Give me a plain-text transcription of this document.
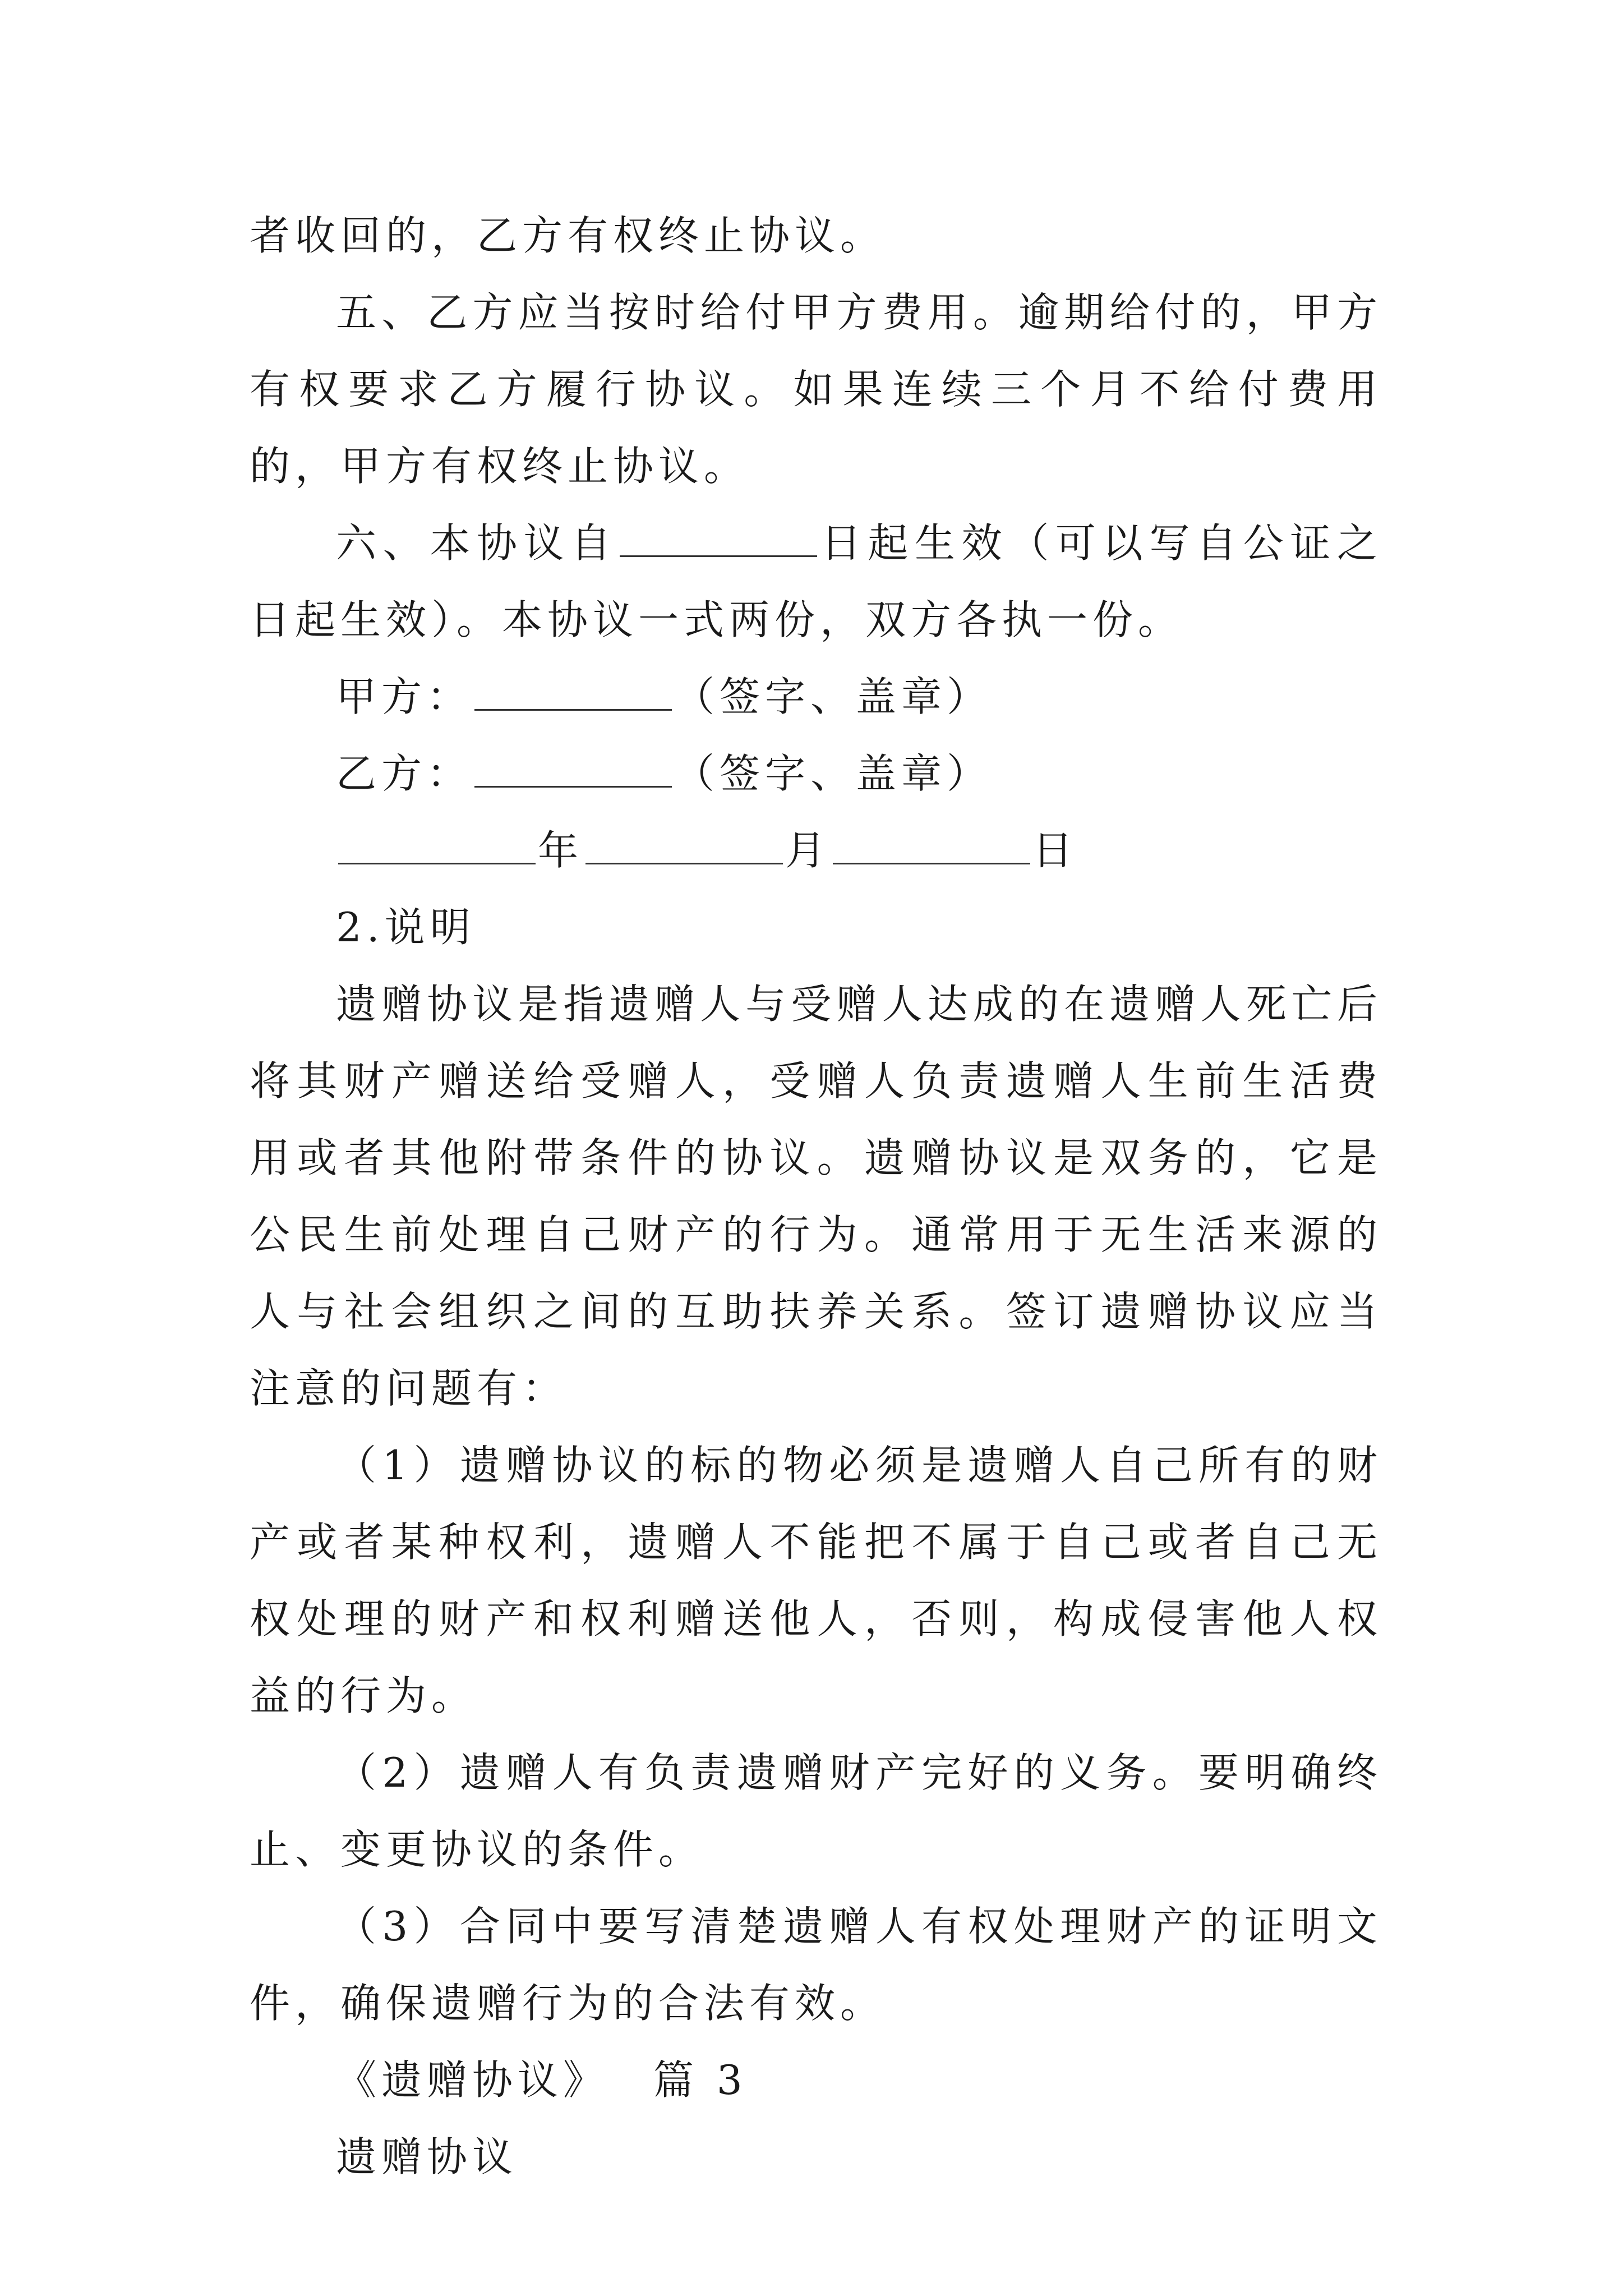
者收回的，乙方有权终止协议。

五、乙方应当按时给付甲方费用。逾期给付的，甲方有权要求乙方履行协议。如果连续三个月不给付费用的，甲方有权终止协议。

六、本协议自	日起生效（可以写自公证之日起生效）。本协议一式两份，双方各执一份。

甲方：	（签字、盖章）

乙方：	（签字、盖章）

年	月	日

2.说明

遗赠协议是指遗赠人与受赠人达成的在遗赠人死亡后将其财产赠送给受赠人，受赠人负责遗赠人生前生活费用或者其他附带条件的协议。遗赠协议是双务的，它是公民生前处理自己财产的行为。通常用于无生活来源的人与社会组织之间的互助扶养关系。签订遗赠协议应当注意的问题有：

（1）遗赠协议的标的物必须是遗赠人自己所有的财产或者某种权利，遗赠人不能把不属于自己或者自己无权处理的财产和权利赠送他人，否则，构成侵害他人权益的行为。

（2）遗赠人有负责遗赠财产完好的义务。要明确终止、变更协议的条件。

（3）合同中要写清楚遗赠人有权处理财产的证明文件，确保遗赠行为的合法有效。

《遗赠协议》 篇 3

遗赠协议
